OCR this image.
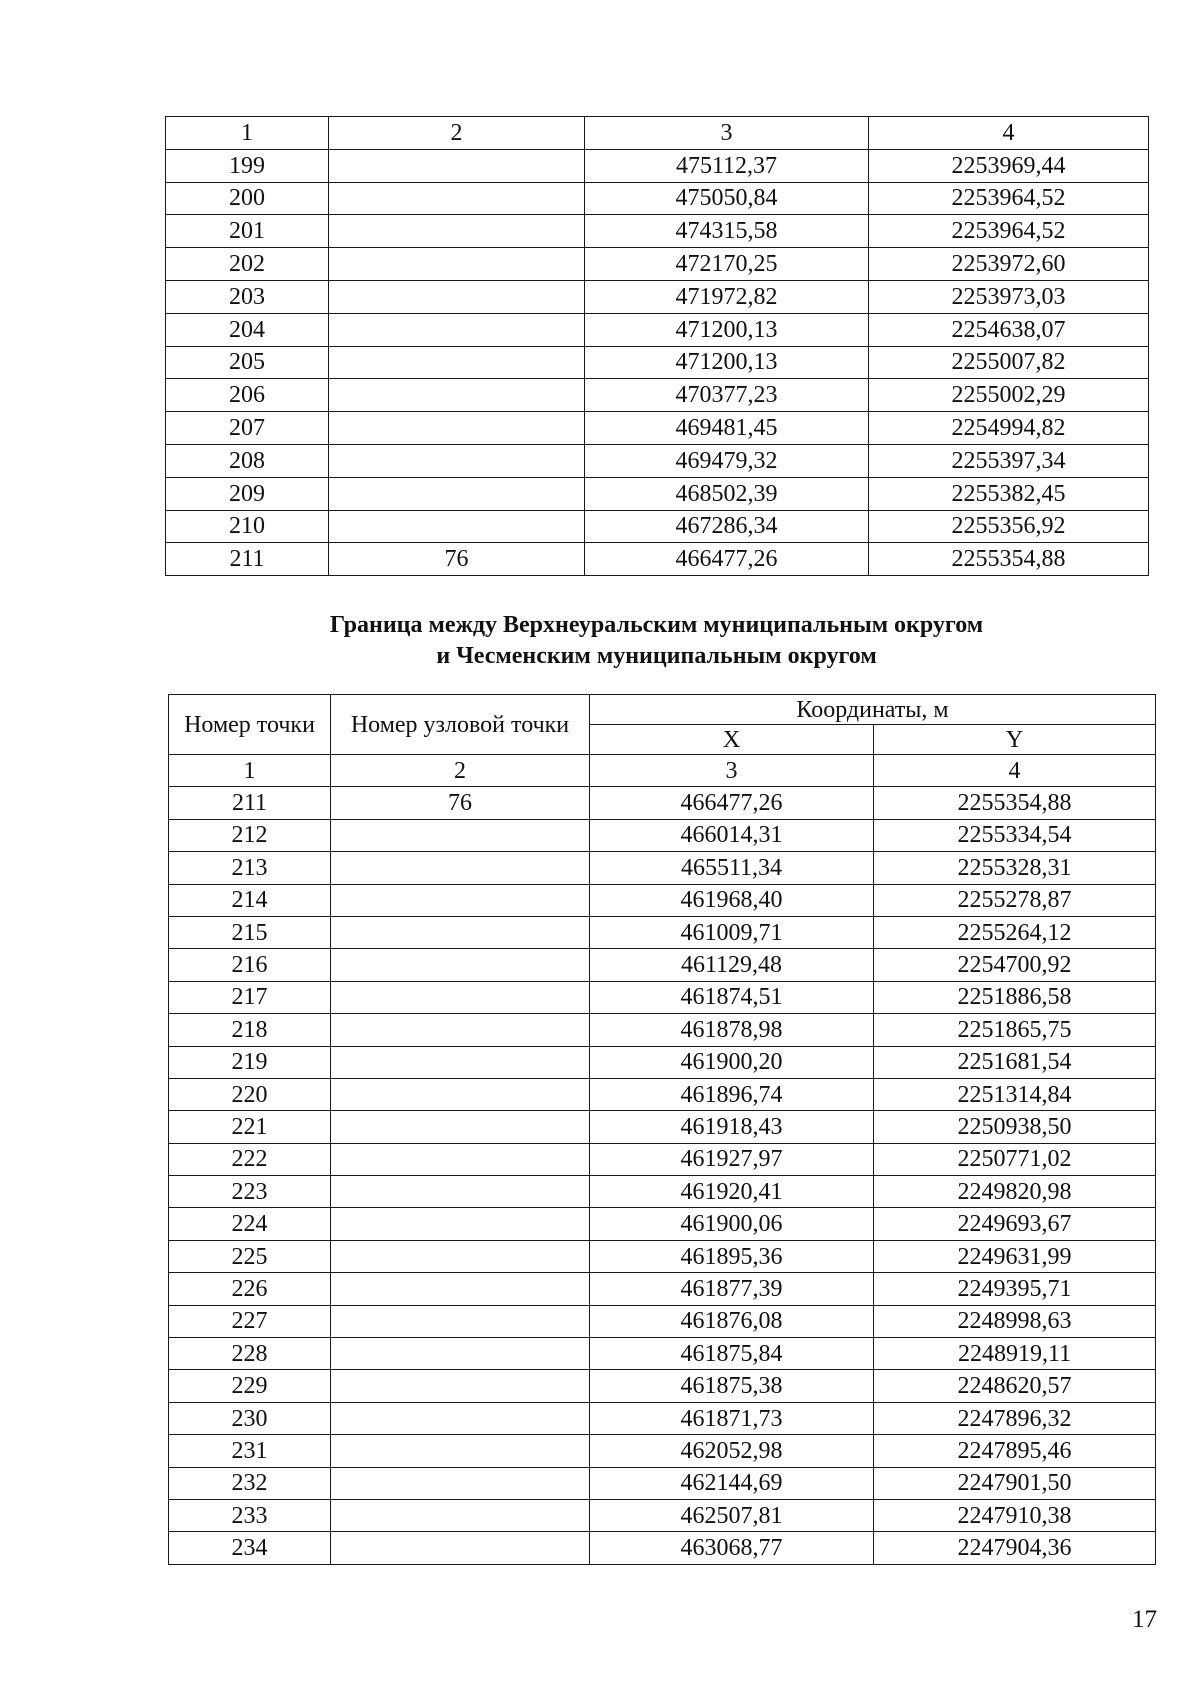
1	2	3	4
199		475112,37	2253969,44
200		475050,84	2253964,52
201		474315,58	2253964,52
202		472170,25	2253972,60
203		471972,82	2253973,03
204		471200,13	2254638,07
205		471200,13	2255007,82
206		470377,23	2255002,29
207		469481,45	2254994,82
208		469479,32	2255397,34
209		468502,39	2255382,45
210		467286,34	2255356,92
211	76	466477,26	2255354,88
Граница между Верхнеуральским муниципальным округом
и Чесменским муниципальным округом
Номер точки	Номер узловой точки	Координаты, м	
		X	Y
1	2	3	4
211	76	466477,26	2255354,88
212		466014,31	2255334,54
213		465511,34	2255328,31
214		461968,40	2255278,87
215		461009,71	2255264,12
216		461129,48	2254700,92
217		461874,51	2251886,58
218		461878,98	2251865,75
219		461900,20	2251681,54
220		461896,74	2251314,84
221		461918,43	2250938,50
222		461927,97	2250771,02
223		461920,41	2249820,98
224		461900,06	2249693,67
225		461895,36	2249631,99
226		461877,39	2249395,71
227		461876,08	2248998,63
228		461875,84	2248919,11
229		461875,38	2248620,57
230		461871,73	2247896,32
231		462052,98	2247895,46
232		462144,69	2247901,50
233		462507,81	2247910,38
234		463068,77	2247904,36
17
